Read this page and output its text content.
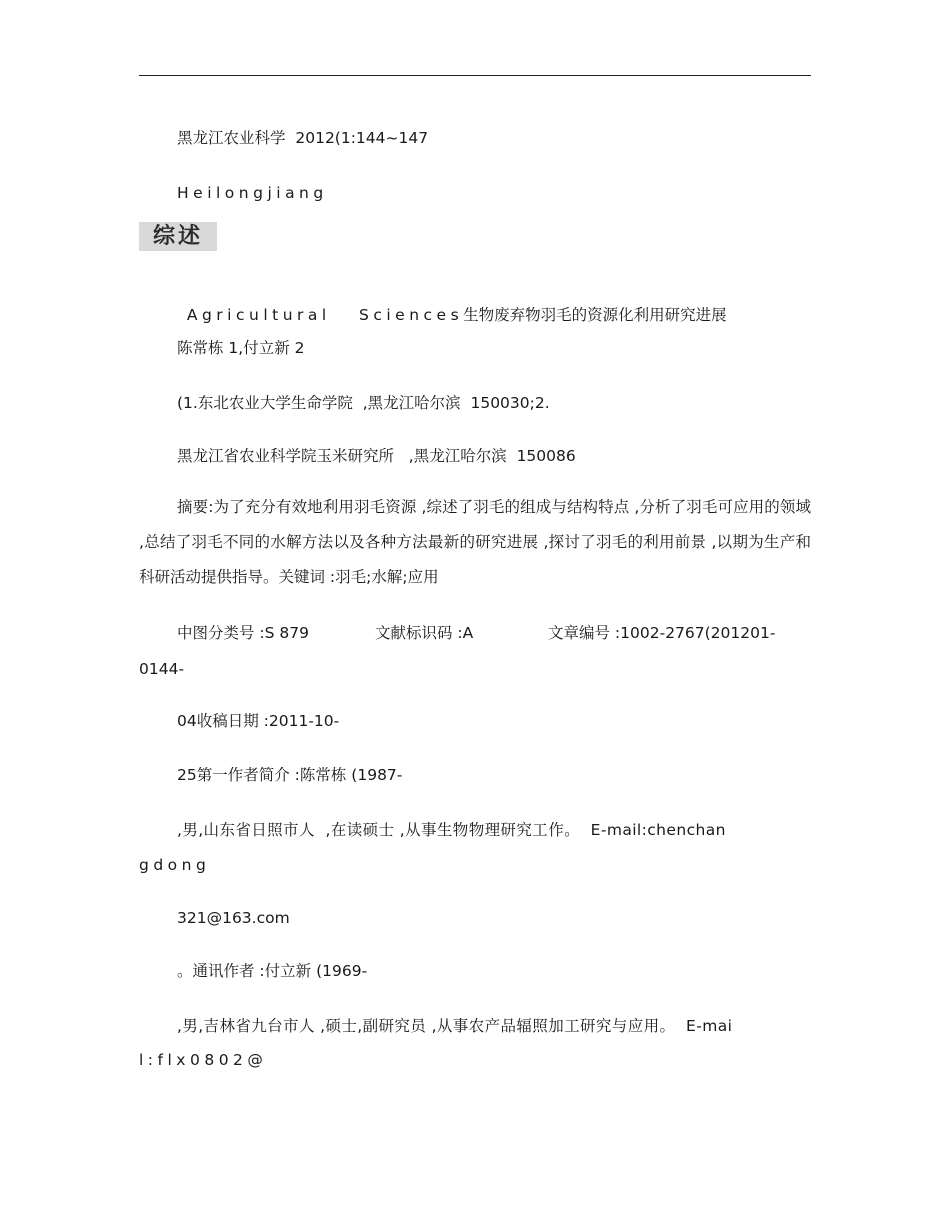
黑龙江农业科学  2012(1:144~147
Heilongjiang
综述

Agricultural   Sciences生物废弃物羽毛的资源化利用研究进展

陈常栋 1,付立新 2
(1.东北农业大学生命学院  ,黑龙江哈尔滨  150030;2.
黑龙江省农业科学院玉米研究所   ,黑龙江哈尔滨  150086
摘要:为了充分有效地利用羽毛资源 ,综述了羽毛的组成与结构特点 ,分析了羽毛可应用的领域 ,总结了羽毛不同的水解方法以及各种方法最新的研究进展 ,探讨了羽毛的利用前景 ,以期为生产和科研活动提供指导。关键词 :羽毛;水解;应用
中图分类号 :S 879	文献标识码 :A	文章编号 :1002-2767(201201-
0144-
04收稿日期 :2011-10-
25第一作者简介 :陈常栋 (1987-
,男,山东省日照市人  ,在读硕士 ,从事生物物理研究工作。  E-mail:chenchan
gdong
321@163.com
。通讯作者 :付立新 (1969-
,男,吉林省九台市人 ,硕士,副研究员 ,从事农产品辐照加工研究与应用。  E-mai
l:flx0802@
